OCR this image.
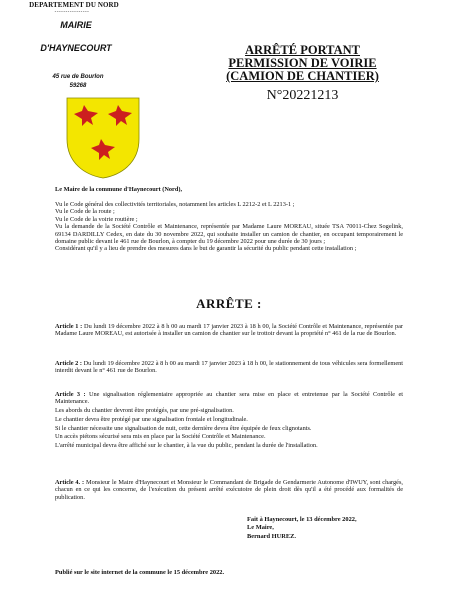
DEPARTEMENT DU NORD
----------------
MAIRIE
D'HAYNECOURT
45 rue de Bourlon
59268
ARRÊTÉ PORTANT
PERMISSION DE VOIRIE
(CAMION DE CHANTIER)
N°20221213
Le Maire de la commune d'Haynecourt (Nord),

Vu le Code général des collectivités territoriales, notamment les articles L 2212-2 et L 2213-1 ;

Vu le Code de la route ;

Vu le Code de la voirie routière ;

Vu la demande de la Société Contrôle et Maintenance, représentée par Madame Laure MOREAU, située TSA 70011-Chez Sogelink, 69134 DARDILLY Cedex, en date du 30 novembre 2022, qui souhaite installer un camion de chantier, en occupant temporairement le domaine public devant le 461 rue de Bourlon, à compter du 19 décembre 2022 pour une durée de 30 jours ;

Considérant qu'il y a lieu de prendre des mesures dans le but de garantir la sécurité du public pendant cette installation ;

ARRÊTE :

Article 1 : Du lundi 19 décembre 2022 à 8 h 00 au mardi 17 janvier 2023 à 18 h 00, la Société Contrôle et Maintenance, représentée par Madame Laure MOREAU, est autorisée à installer un camion de chantier sur le trottoir devant la propriété n° 461 de la rue de Bourlon.

Article 2 : Du lundi 19 décembre 2022 à 8 h 00 au mardi 17 janvier 2023 à 18 h 00, le stationnement de tous véhicules sera formellement interdit devant le n° 461 rue de Bourlon.

Article 3 : Une signalisation réglementaire appropriée au chantier sera mise en place et entretenue par la Société Contrôle et Maintenance.

Les abords du chantier devront être protégés, par une pré-signalisation.

Le chantier devra être protégé par une signalisation frontale et longitudinale.

Si le chantier nécessite une signalisation de nuit, cette dernière devra être équipée de feux clignotants.

Un accès piétons sécurisé sera mis en place par la Société Contrôle et Maintenance.

L'arrêté municipal devra être affiché sur le chantier, à la vue du public, pendant la durée de l'installation.

Article 4. : Monsieur le Maire d'Haynecourt et Monsieur le Commandant de Brigade de Gendarmerie Autonome d'IWUY, sont chargés, chacun en ce qui les concerne, de l'exécution du présent arrêté exécutoire de plein droit dès qu'il a été procédé aux formalités de publication.

Fait à Haynecourt, le 13 décembre 2022,
Le Maire,
Bernard HUREZ.
Publié sur le site internet de la commune le 15 décembre 2022.
